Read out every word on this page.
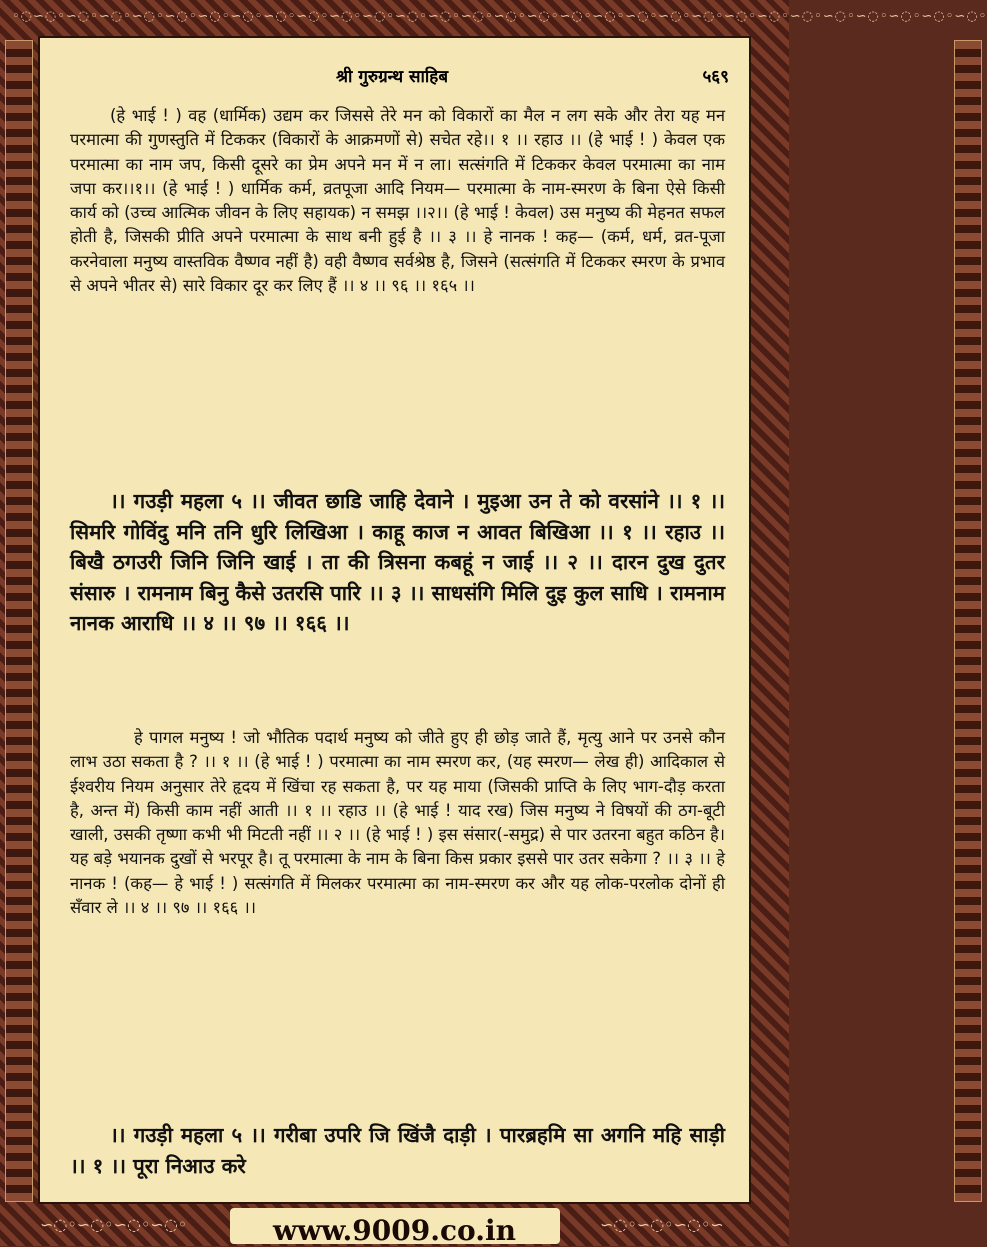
◦◌∽◌◦∽◌◦∽◌◦∽◌◦∽◌◦∽◌◦∽◌◦∽◌◦∽◌◦∽◌◦∽◌◦∽◌◦∽◌◦∽◌◦∽◌◦∽◌◦∽◌◦∽◌◦∽◌◦∽◌◦∽◌◦∽◌◦∽◌◦∽◌◦∽◌◦∽◌◦∽◌◦∽◌◦∽◌◦
श्री गुरुग्रन्थ साहिब	५६९

(हे भाई ! ) वह (धार्मिक) उद्यम कर जिससे तेरे मन को विकारों का मैल न लग सके और तेरा यह मन परमात्मा की गुणस्तुति में टिककर (विकारों के आक्रमणों से) सचेत रहे।। १ ।। रहाउ ।। (हे भाई ! ) केवल एक परमात्मा का नाम जप, किसी दूसरे का प्रेम अपने मन में न ला। सत्संगति में टिककर केवल परमात्मा का नाम जपा कर।।१।। (हे भाई ! ) धार्मिक कर्म, व्रतपूजा आदि नियम— परमात्मा के नाम-स्मरण के बिना ऐसे किसी कार्य को (उच्च आत्मिक जीवन के लिए सहायक) न समझ ।।२।। (हे भाई ! केवल) उस मनुष्य की मेहनत सफल होती है, जिसकी प्रीति अपने परमात्मा के साथ बनी हुई है ।। ३ ।। हे नानक ! कह— (कर्म, धर्म, व्रत-पूजा करनेवाला मनुष्य वास्तविक वैष्णव नहीं है) वही वैष्णव सर्वश्रेष्ठ है, जिसने (सत्संगति में टिककर स्मरण के प्रभाव से अपने भीतर से) सारे विकार दूर कर लिए हैं ।। ४ ।। ९६ ।। १६५ ।।

।। गउड़ी महला ५ ।। जीवत छाडि जाहि देवाने । मुइआ उन ते को वरसांने ।। १ ।। सिमरि गोविंदु मनि तनि धुरि लिखिआ । काहू काज न आवत बिखिआ ।। १ ।। रहाउ ।। बिखै ठगउरी जिनि जिनि खाई । ता की त्रिसना कबहूं न जाई ।। २ ।। दारन दुख दुतर संसारु । रामनाम बिनु कैसे उतरसि पारि ।। ३ ।। साधसंगि मिलि दुइ कुल साधि । रामनाम नानक आराधि ।। ४ ।। ९७ ।। १६६ ।।

हे पागल मनुष्य ! जो भौतिक पदार्थ मनुष्य को जीते हुए ही छोड़ जाते हैं, मृत्यु आने पर उनसे कौन लाभ उठा सकता है ? ।। १ ।। (हे भाई ! ) परमात्मा का नाम स्मरण कर, (यह स्मरण— लेख ही) आदिकाल से ईश्वरीय नियम अनुसार तेरे हृदय में खिंचा रह सकता है, पर यह माया (जिसकी प्राप्ति के लिए भाग-दौड़ करता है, अन्त में) किसी काम नहीं आती ।। १ ।। रहाउ ।। (हे भाई ! याद रख) जिस मनुष्य ने विषयों की ठग-बूटी खाली, उसकी तृष्णा कभी भी मिटती नहीं ।। २ ।। (हे भाई ! ) इस संसार(-समुद्र) से पार उतरना बहुत कठिन है। यह बड़े भयानक दुखों से भरपूर है। तू परमात्मा के नाम के बिना किस प्रकार इससे पार उतर सकेगा ? ।। ३ ।। हे नानक ! (कह— हे भाई ! ) सत्संगति में मिलकर परमात्मा का नाम-स्मरण कर और यह लोक-परलोक दोनों ही सँवार ले ।। ४ ।। ९७ ।। १६६ ।।

।। गउड़ी महला ५ ।। गरीबा उपरि जि खिंजै दाड़ी । पारब्रहमि सा अगनि महि साड़ी ।। १ ।। पूरा निआउ करे

∽◌◦∽◌◦∽◌◦∽◌◦	∽◌◦∽◌◦∽◌◦∽
www.9009.co.in
